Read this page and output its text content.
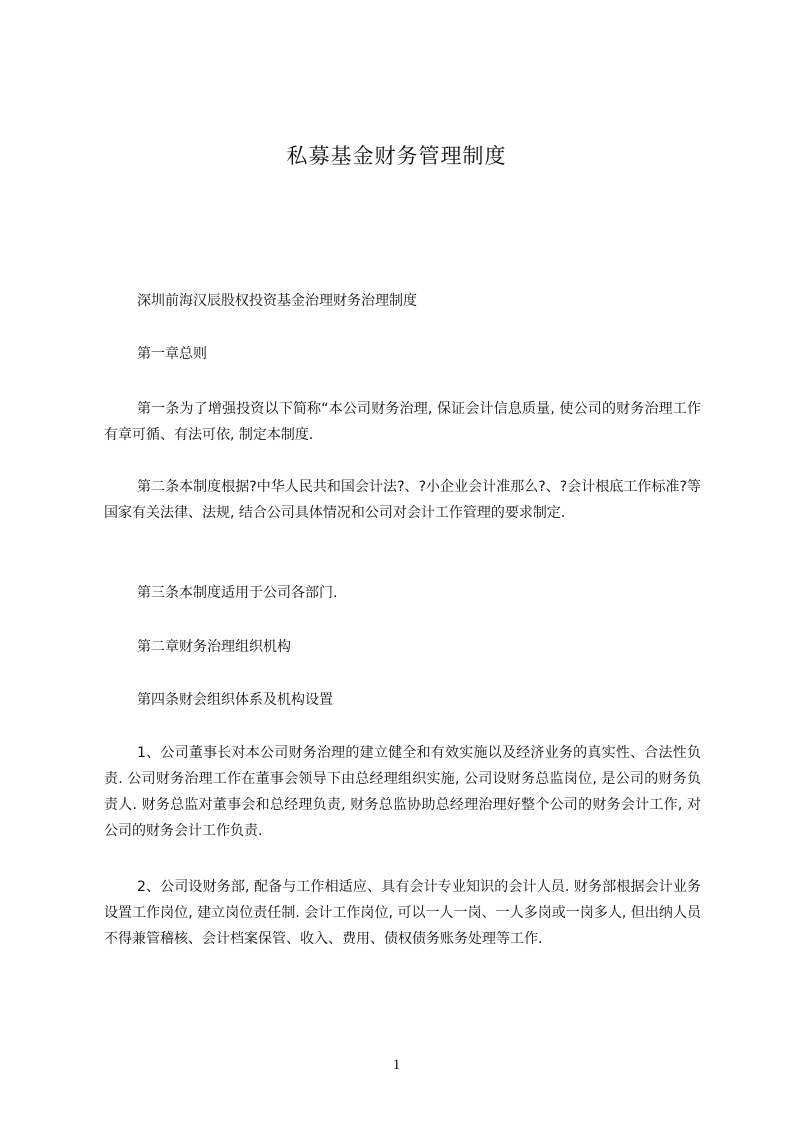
私募基金财务管理制度
深圳前海汉辰股权投资基金治理财务治理制度
第一章总则
第一条为了增强投资以下简称“本公司财务治理, 保证会计信息质量, 使公司的财务治理工作有章可循、有法可依, 制定本制度.
第二条本制度根据?中华人民共和国会计法?、?小企业会计准那么?、?会计根底工作标准?等国家有关法律、法规, 结合公司具体情况和公司对会计工作管理的要求制定.
第三条本制度适用于公司各部门.
第二章财务治理组织机构
第四条财会组织体系及机构设置
1、公司董事长对本公司财务治理的建立健全和有效实施以及经济业务的真实性、合法性负责. 公司财务治理工作在董事会领导下由总经理组织实施, 公司设财务总监岗位, 是公司的财务负责人. 财务总监对董事会和总经理负责, 财务总监协助总经理治理好整个公司的财务会计工作, 对公司的财务会计工作负责.
2、公司设财务部, 配备与工作相适应、具有会计专业知识的会计人员. 财务部根据会计业务设置工作岗位, 建立岗位责任制. 会计工作岗位, 可以一人一岗、一人多岗或一岗多人, 但出纳人员不得兼管稽核、会计档案保管、收入、费用、债权债务账务处理等工作.
1
